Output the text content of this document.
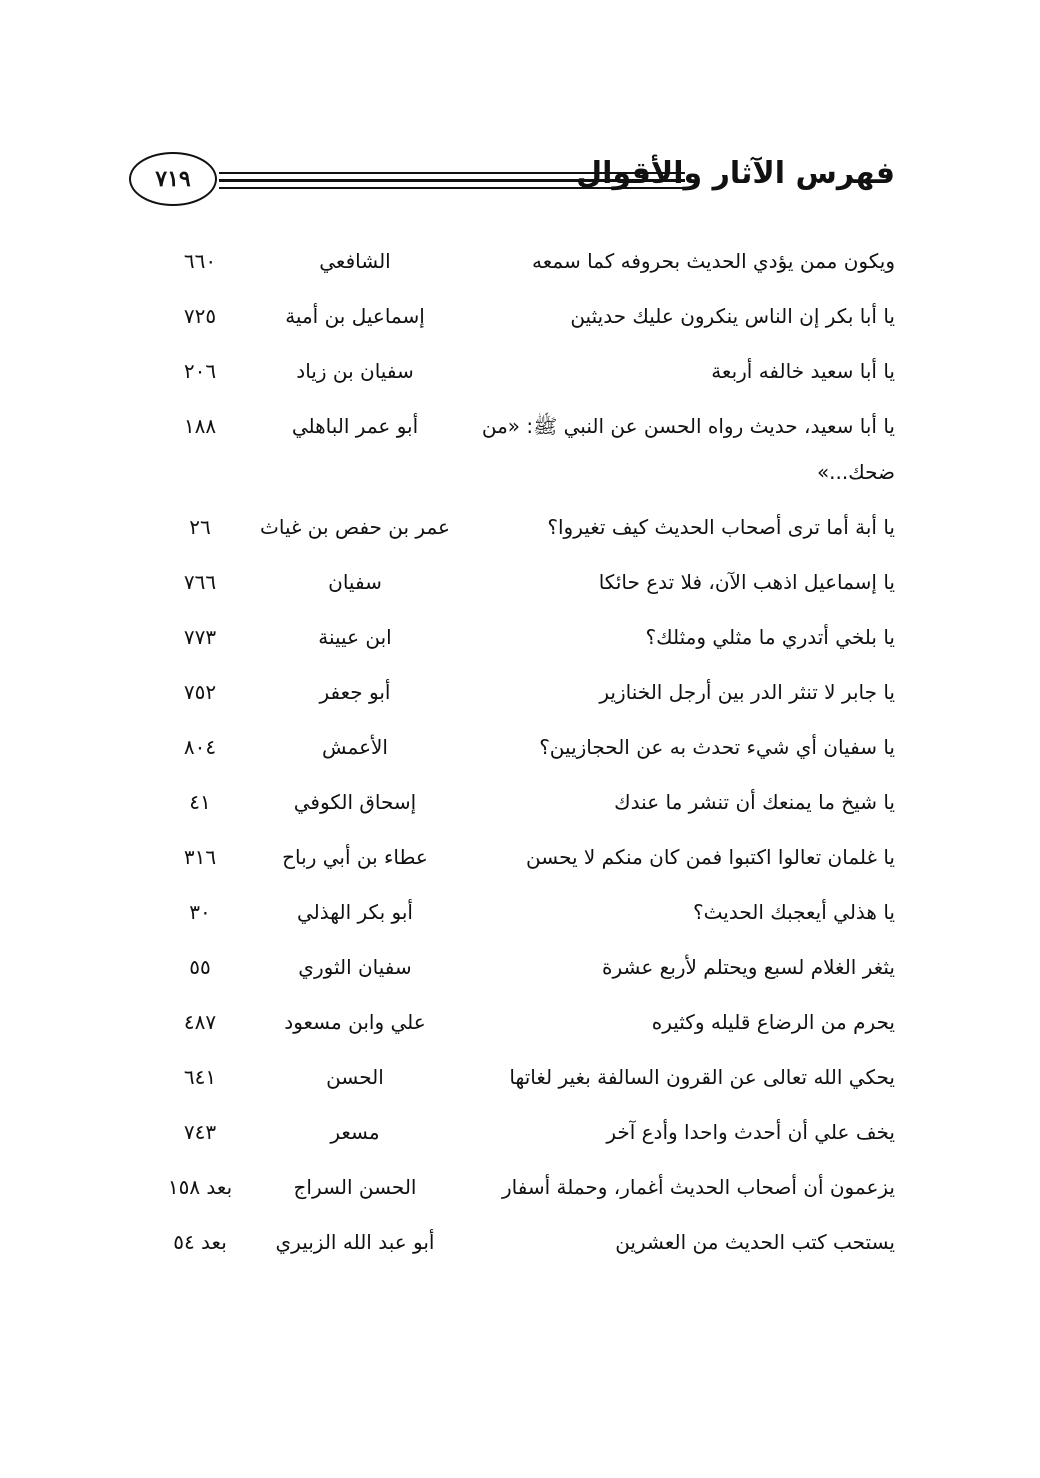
٧١٩	فهرس الآثار والأقوال
ويكون ممن يؤدي الحديث بحروفه كما سمعه
الشافعي
٦٦٠
يا أبا بكر إن الناس ينكرون عليك حديثين
إسماعيل بن أمية
٧٢٥
يا أبا سعيد خالفه أربعة
سفيان بن زياد
٢٠٦
يا أبا سعيد، حديث رواه الحسن عن النبي ﷺ: «من ضحك...»
أبو عمر الباهلي
١٨٨
يا أبة أما ترى أصحاب الحديث كيف تغيروا؟
عمر بن حفص بن غياث
٢٦
يا إسماعيل اذهب الآن، فلا تدع حائكا
سفيان
٧٦٦
يا بلخي أتدري ما مثلي ومثلك؟
ابن عيينة
٧٧٣
يا جابر لا تنثر الدر بين أرجل الخنازير
أبو جعفر
٧٥٢
يا سفيان أي شيء تحدث به عن الحجازيين؟
الأعمش
٨٠٤
يا شيخ ما يمنعك أن تنشر ما عندك
إسحاق الكوفي
٤١
يا غلمان تعالوا اكتبوا فمن كان منكم لا يحسن
عطاء بن أبي رباح
٣١٦
يا هذلي أيعجبك الحديث؟
أبو بكر الهذلي
٣٠
يثغر الغلام لسبع ويحتلم لأربع عشرة
سفيان الثوري
٥٥
يحرم من الرضاع قليله وكثيره
علي وابن مسعود
٤٨٧
يحكي الله تعالى عن القرون السالفة بغير لغاتها
الحسن
٦٤١
يخف علي أن أحدث واحدا وأدع آخر
مسعر
٧٤٣
يزعمون أن أصحاب الحديث أغمار، وحملة أسفار
الحسن السراج
بعد ١٥٨
يستحب كتب الحديث من العشرين
أبو عبد الله الزبيري
بعد ٥٤
